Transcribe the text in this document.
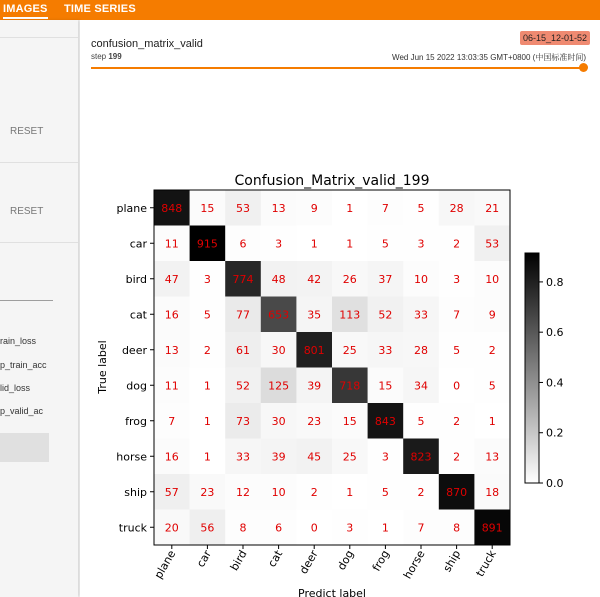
IMAGES TIME SERIES
RESET
RESET
rain_loss
p_train_acc
lid_loss
p_valid_ac
confusion_matrix_valid
step 199	Wed Jun 15 2022 13:03:35 GMT+0800 (中国标准时间)
06-15_12-01-52
848 15 53 13 9	1	7	5 28 21
11 915 6	3	1	1	5	3	2 53
47 3 774 48 42 26 37 10 3 10
16 5 77 653 35 113 52 33 7	9
13 2 61 30 801 25 33 28 5	2
11 1 52 125 39 718 15 34 0	5
7	1 73 30 23 15 843 5	2	1
16 1 33 39 45 25 3 823 2 13
57 23 12 10 2	1	5	2 870 18
20 56 8	6	0	3	1	7	8 891
plane
car
bird
cat
deer
dog
frog
horse
ship
truck
plane car bird cat deer dog frog horse ship truck
Confusion_Matrix_valid_199
Predict label
True label
0.0
0.2
0.4
0.6
0.8
